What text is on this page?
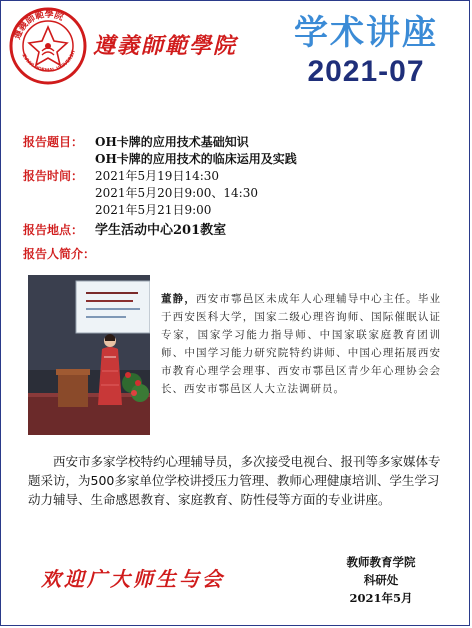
遵義師範學院
ZUNYI NORMAL UNIVERSIT 遵義師範學院	学术讲座
2021-07
报告题目： OH卡牌的应用技术基础知识
OH卡牌的应用技术的临床运用及实践
报告时间： 2021年5月19日14:30
2021年5月20日9:00、14:30
2021年5月21日9:00
报告地点： 学生活动中心201教室
报告人简介：
董静，西安市鄠邑区未成年人心理辅导中心主任。毕业于西安医科大学，国家二级心理咨询师、国际催眠认证专家，国家学习能力指导师、中国家联家庭教育团训师、中国学习能力研究院特约讲师、中国心理拓展西安市教育心理学会理事、西安市鄠邑区青少年心理协会会长、西安市鄠邑区人大立法调研员。
西安市多家学校特约心理辅导员，多次接受电视台、报刊等多家媒体专题采访，为500多家单位学校讲授压力管理、教师心理健康培训、学生学习动力辅导、生命感恩教育、家庭教育、防性侵等方面的专业讲座。
欢迎广大师生与会
教师教育学院
科研处
2021年5月
